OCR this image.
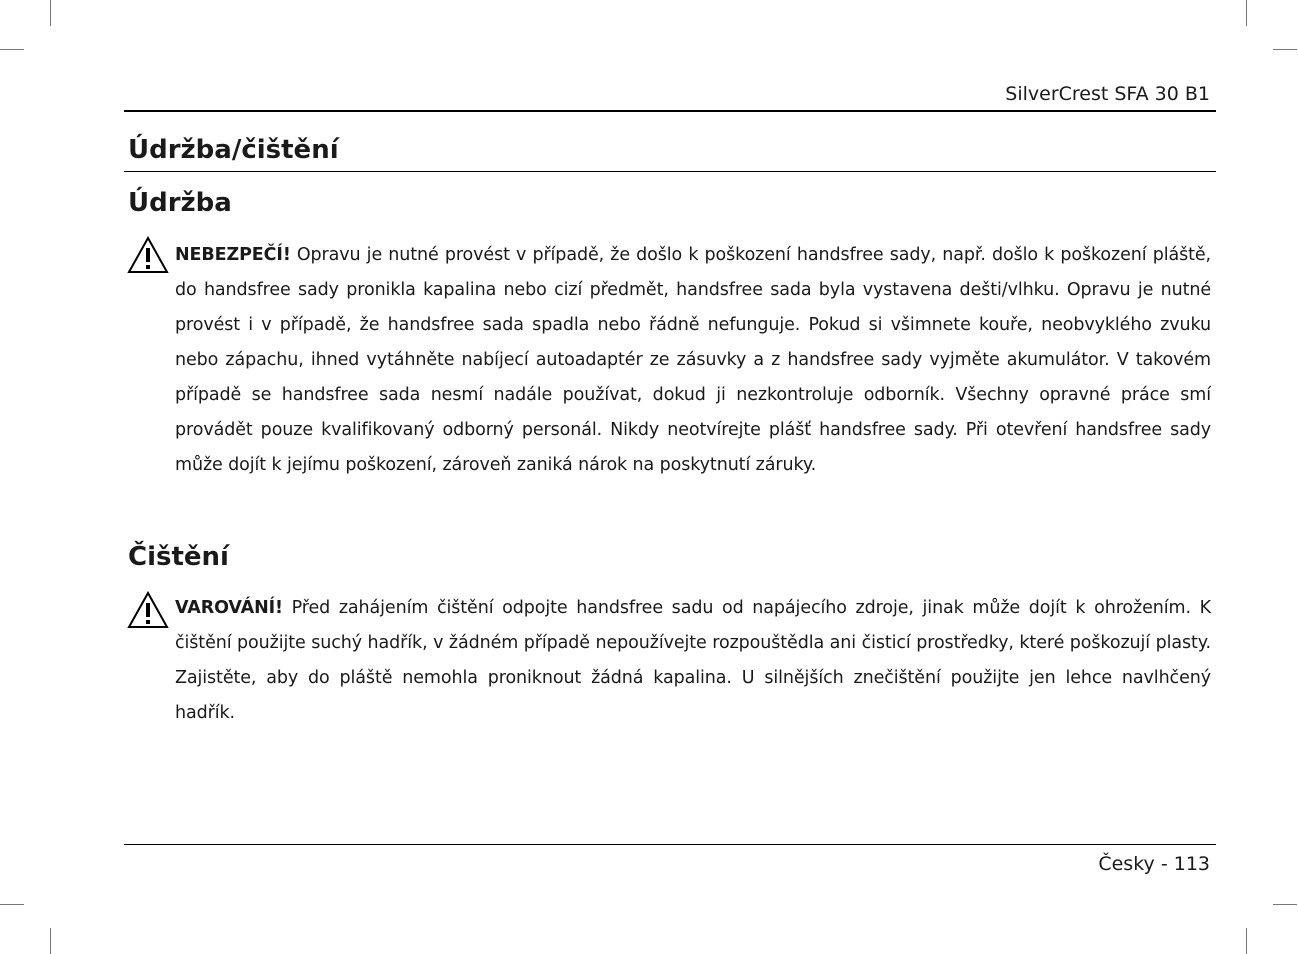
SilverCrest SFA 30 B1
Údržba/čištění
Údržba
NEBEZPEČÍ! Opravu je nutné provést v případě, že došlo k poškození handsfree sady, např. došlo k poškození pláště, do handsfree sady pronikla kapalina nebo cizí předmět, handsfree sada byla vystavena dešti/vlhku. Opravu je nutné provést i v případě, že handsfree sada spadla nebo řádně nefunguje. Pokud si všimnete kouře, neobvyklého zvuku nebo zápachu, ihned vytáhněte nabíjecí autoadaptér ze zásuvky a z handsfree sady vyjměte akumulátor. V takovém případě se handsfree sada nesmí nadále používat, dokud ji nezkontroluje odborník. Všechny opravné práce smí provádět pouze kvalifikovaný odborný personál. Nikdy neotvírejte plášť handsfree sady. Při otevření handsfree sady může dojít k jejímu poškození, zároveň zaniká nárok na poskytnutí záruky.
Čištění
VAROVÁNÍ! Před zahájením čištění odpojte handsfree sadu od napájecího zdroje, jinak může dojít k ohrožením. K čištění použijte suchý hadřík, v žádném případě nepoužívejte rozpouštědla ani čisticí prostředky, které poškozují plasty. Zajistěte, aby do pláště nemohla proniknout žádná kapalina. U silnějších znečištění použijte jen lehce navlhčený hadřík.
Česky - 113
